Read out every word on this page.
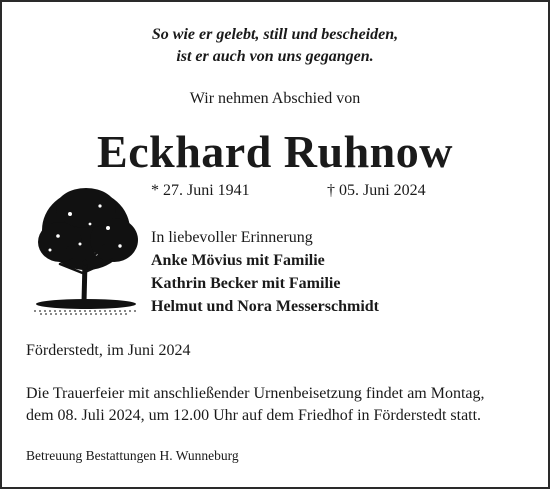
So wie er gelebt, still und bescheiden,
ist er auch von uns gegangen.
Wir nehmen Abschied von
Eckhard Ruhnow
* 27. Juni 1941	† 05. Juni 2024
In liebevoller Erinnerung
Anke Mövius mit Familie
Kathrin Becker mit Familie
Helmut und Nora Messerschmidt
Förderstedt, im Juni 2024
Die Trauerfeier mit anschließender Urnenbeisetzung findet am Montag,
dem 08. Juli 2024, um 12.00 Uhr auf dem Friedhof in Förderstedt statt.
Betreuung Bestattungen H. Wunneburg
